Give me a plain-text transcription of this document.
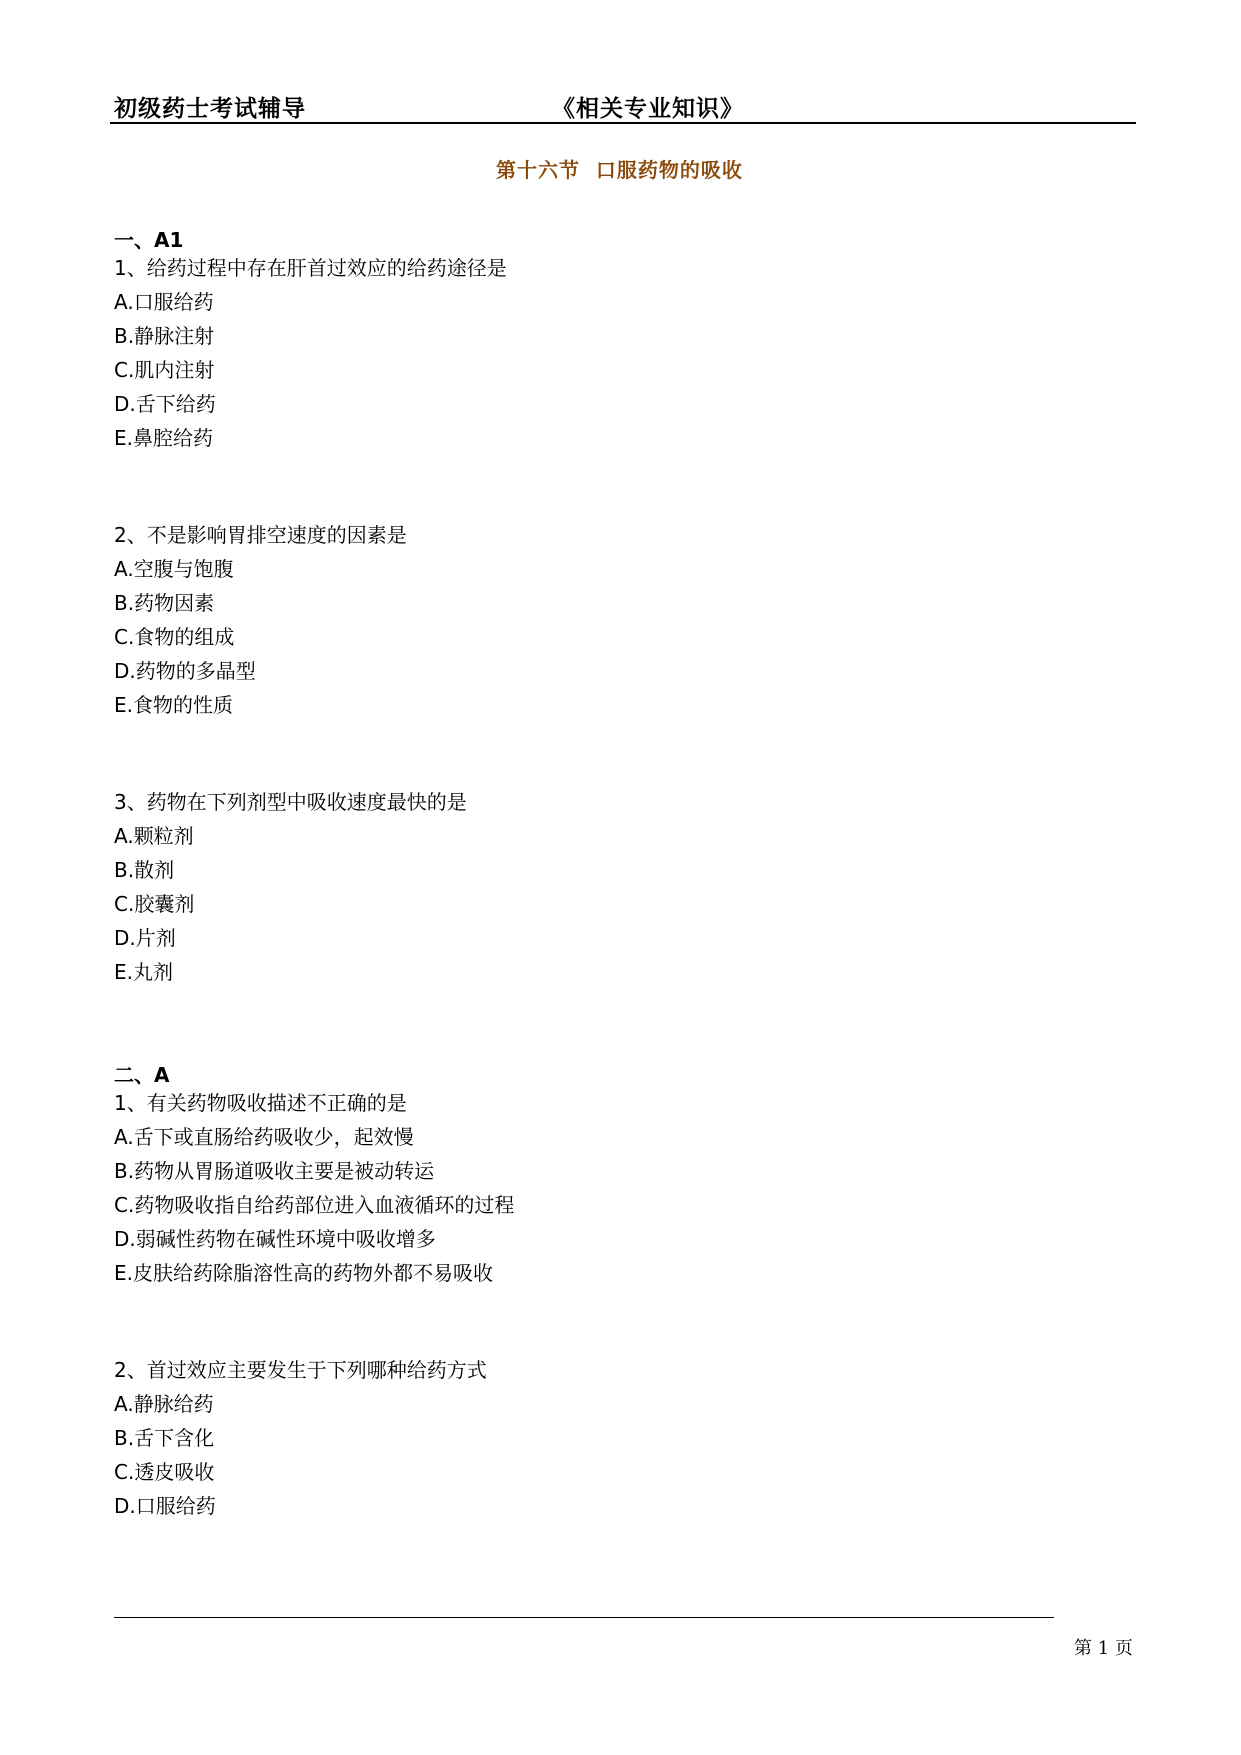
初级药士考试辅导	《相关专业知识》
第十六节  口服药物的吸收
一、A1
1、给药过程中存在肝首过效应的给药途径是
A.口服给药
B.静脉注射
C.肌内注射
D.舌下给药
E.鼻腔给药
2、不是影响胃排空速度的因素是
A.空腹与饱腹
B.药物因素
C.食物的组成
D.药物的多晶型
E.食物的性质
3、药物在下列剂型中吸收速度最快的是
A.颗粒剂
B.散剂
C.胶囊剂
D.片剂
E.丸剂
二、A
1、有关药物吸收描述不正确的是
A.舌下或直肠给药吸收少，起效慢
B.药物从胃肠道吸收主要是被动转运
C.药物吸收指自给药部位进入血液循环的过程
D.弱碱性药物在碱性环境中吸收增多
E.皮肤给药除脂溶性高的药物外都不易吸收
2、首过效应主要发生于下列哪种给药方式
A.静脉给药
B.舌下含化
C.透皮吸收
D.口服给药
第 1 页
